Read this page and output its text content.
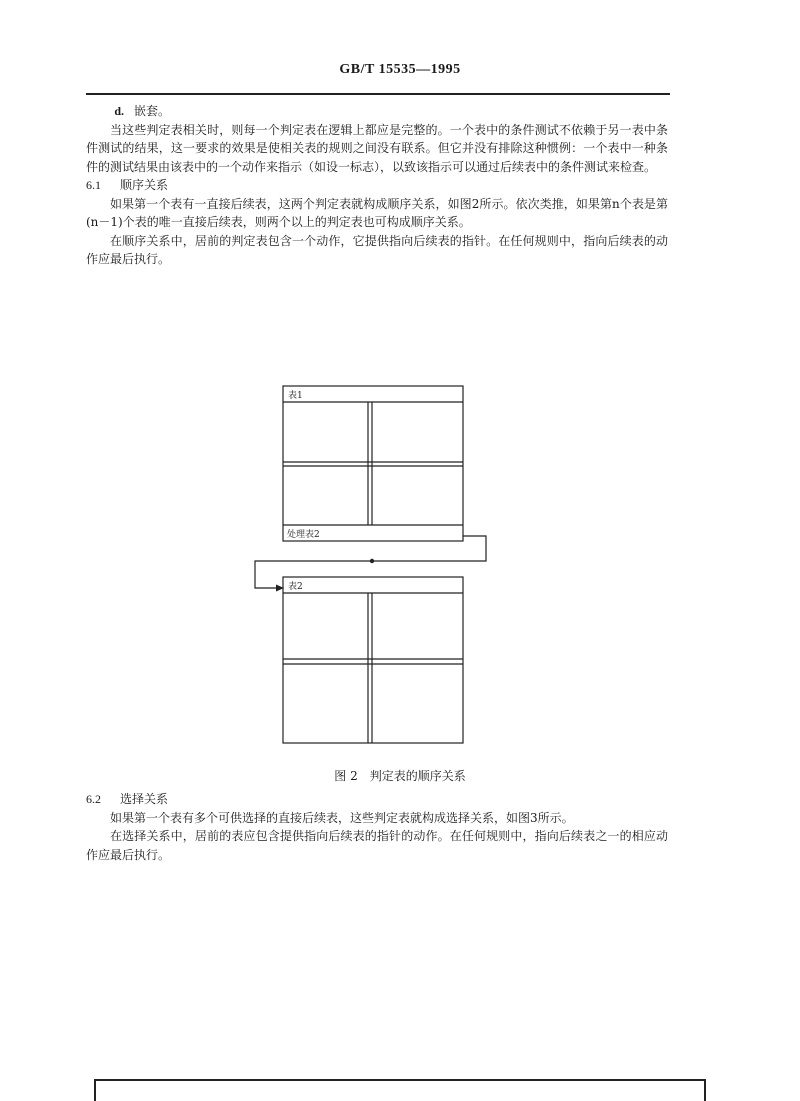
GB/T 15535—1995
d. 嵌套。

当这些判定表相关时，则每一个判定表在逻辑上都应是完整的。一个表中的条件测试不依赖于另一表中条件测试的结果，这一要求的效果是使相关表的规则之间没有联系。但它并没有排除这种惯例：一个表中一种条件的测试结果由该表中的一个动作来指示（如设一标志），以致该指示可以通过后续表中的条件测试来检查。

6.1 顺序关系

如果第一个表有一直接后续表，这两个判定表就构成顺序关系，如图2所示。依次类推，如果第n个表是第(n－1)个表的唯一直接后续表，则两个以上的判定表也可构成顺序关系。

在顺序关系中，居前的判定表包含一个动作，它提供指向后续表的指针。在任何规则中，指向后续表的动作应最后执行。

表1
处理表2
表2
图 2　判定表的顺序关系
6.2 选择关系

如果第一个表有多个可供选择的直接后续表，这些判定表就构成选择关系，如图3所示。

在选择关系中，居前的表应包含提供指向后续表的指针的动作。在任何规则中，指向后续表之一的相应动作应最后执行。
